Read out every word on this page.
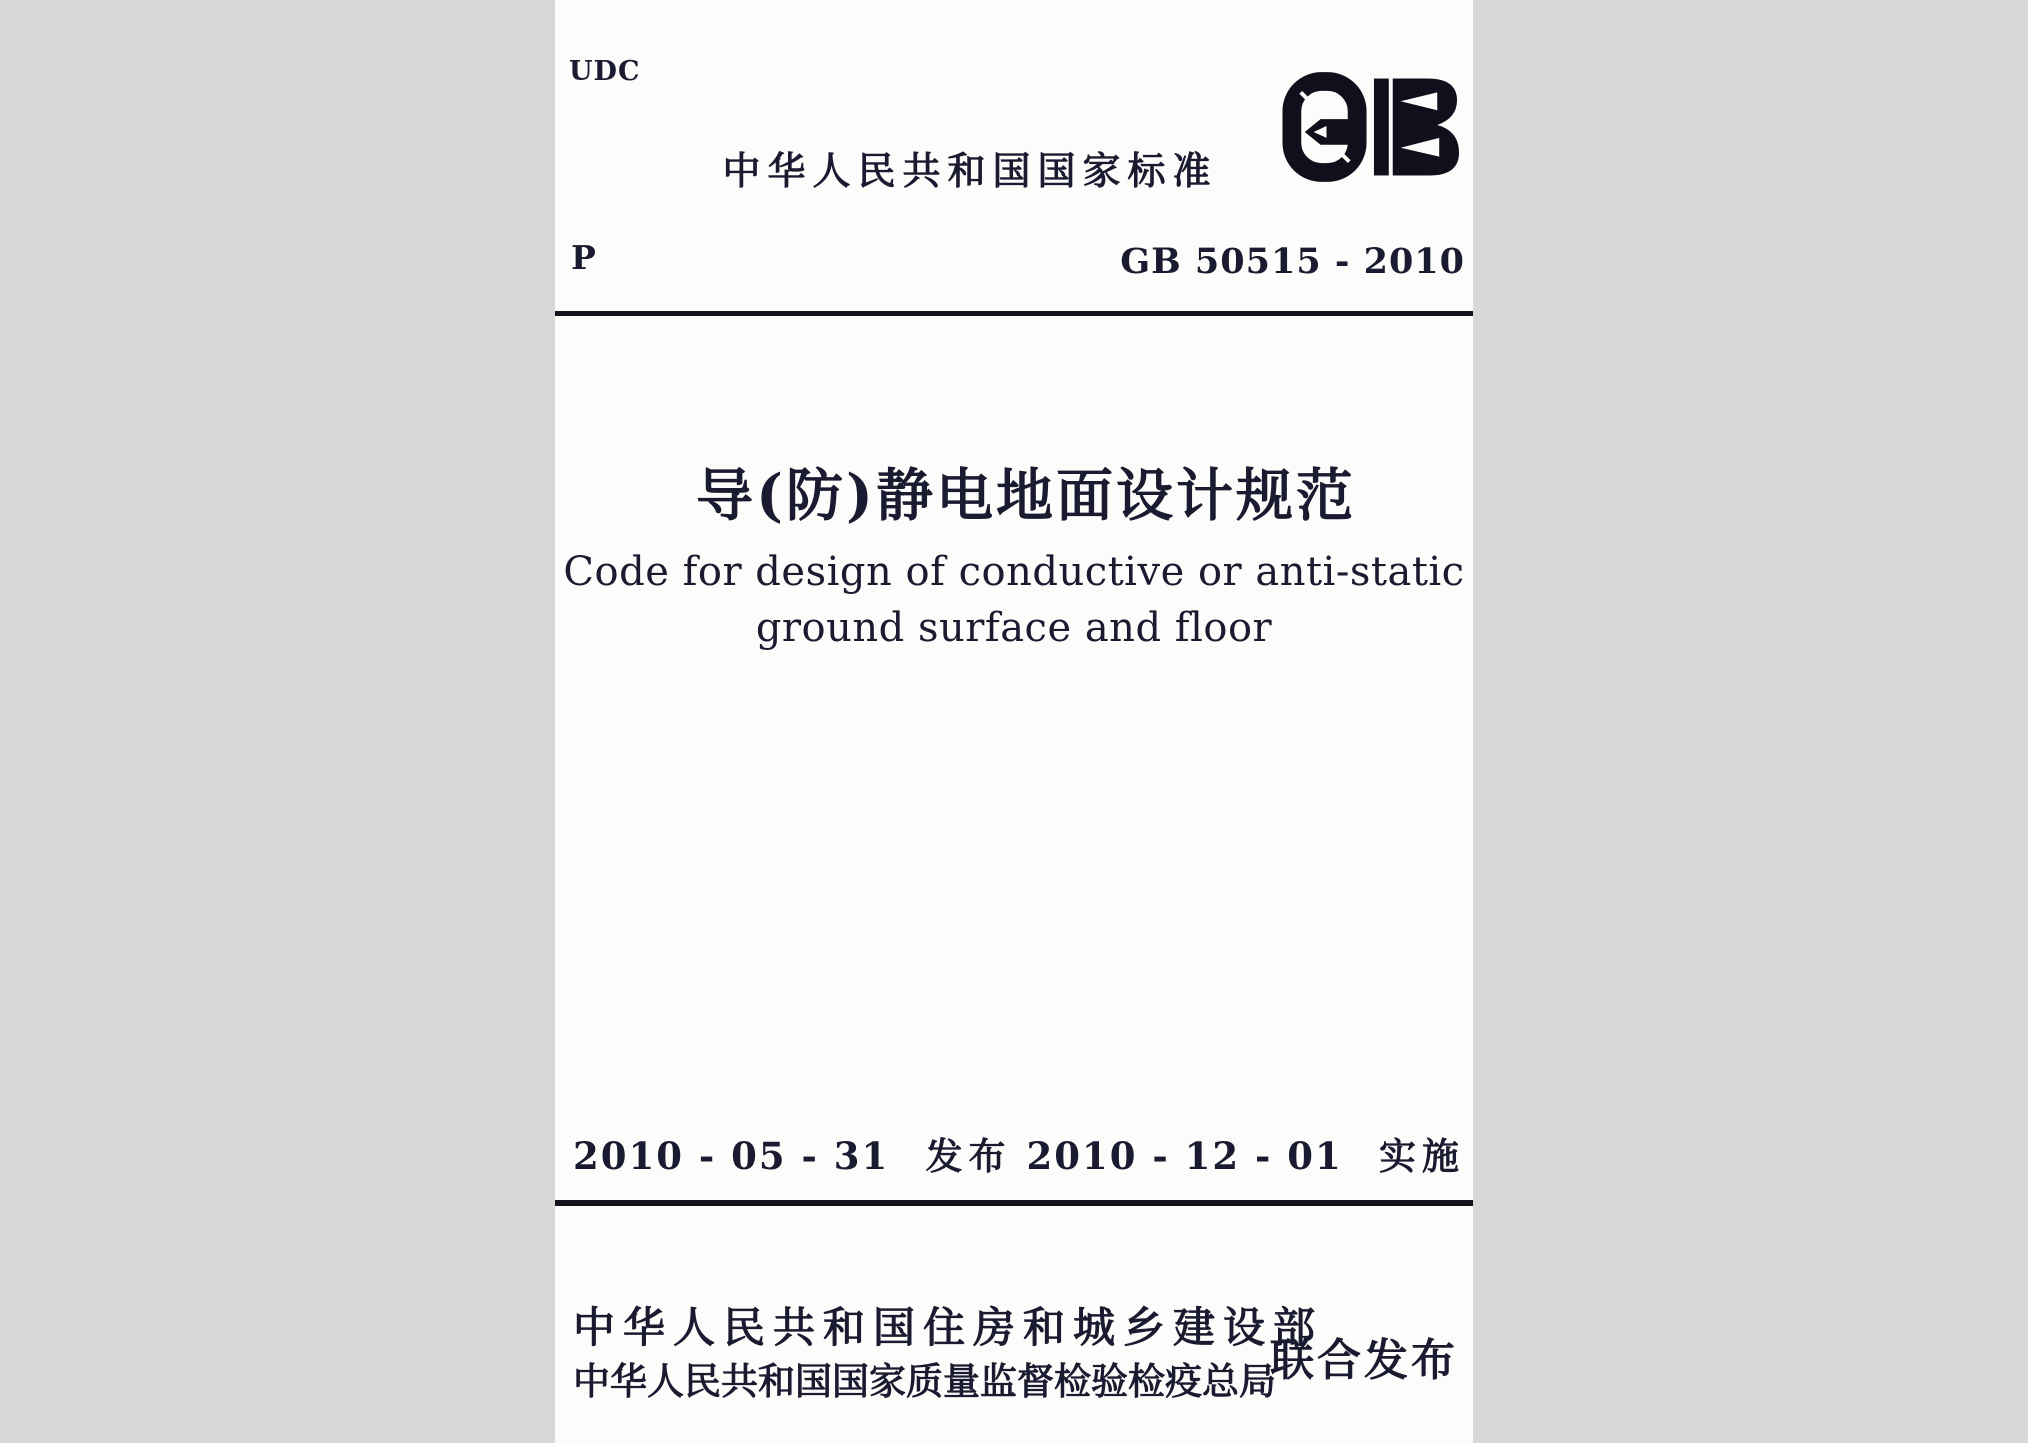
UDC
中华人民共和国国家标准
P	GB 50515 - 2010
导(防)静电地面设计规范
Code for design of conductive or anti-static
ground surface and floor
2010 - 05 - 31 发布 2010 - 12 - 01 实施
中华人民共和国住房和城乡建设部
中华人民共和国国家质量监督检验检疫总局
联合发布
